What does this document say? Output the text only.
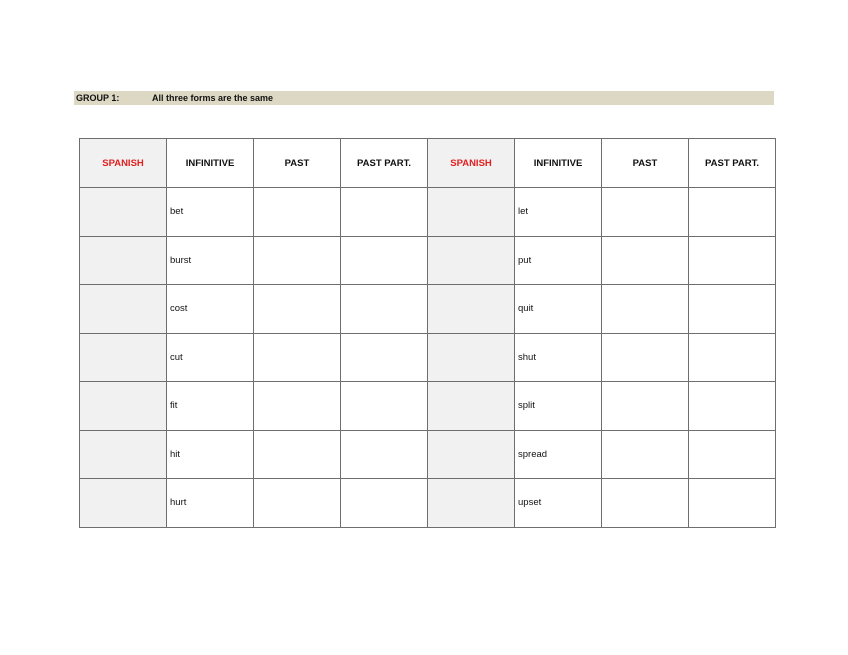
GROUP 1:	All three forms are the same
SPANISH	INFINITIVE	PAST	PAST PART.	SPANISH	INFINITIVE	PAST	PAST PART.
	bet				let		
	burst				put		
	cost				quit		
	cut				shut		
	fit				split		
	hit				spread		
	hurt				upset		
